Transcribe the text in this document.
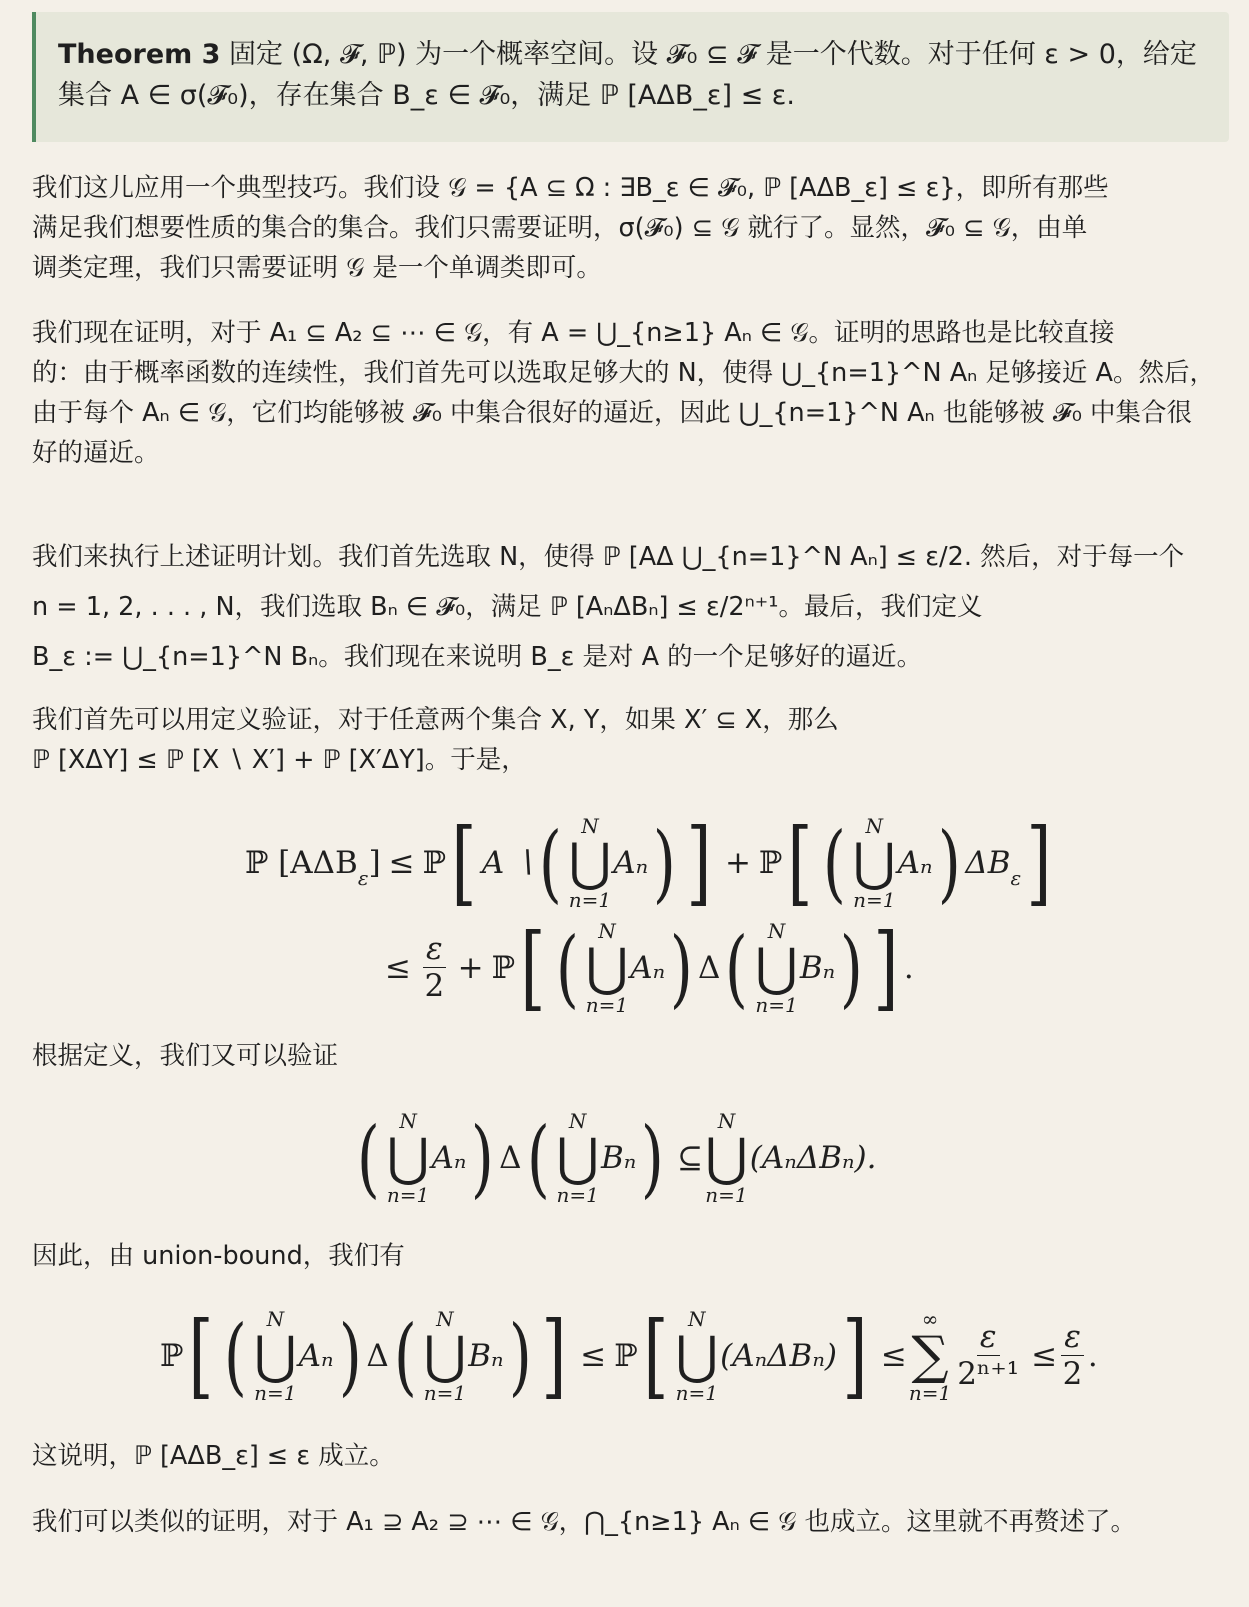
Theorem 3 固定 (Ω, 𝓕, ℙ) 为一个概率空间。设 𝓕₀ ⊆ 𝓕 是一个代数。对于任何 ε > 0，给定
集合 A ∈ σ(𝓕₀)，存在集合 B_ε ∈ 𝓕₀，满足 ℙ [AΔB_ε] ≤ ε.
我们这儿应用一个典型技巧。我们设 𝒢 = {A ⊆ Ω : ∃B_ε ∈ 𝓕₀, ℙ [AΔB_ε] ≤ ε}，即所有那些
满足我们想要性质的集合的集合。我们只需要证明，σ(𝓕₀) ⊆ 𝒢 就行了。显然，𝓕₀ ⊆ 𝒢，由单
调类定理，我们只需要证明 𝒢 是一个单调类即可。
我们现在证明，对于 A₁ ⊆ A₂ ⊆ ⋯ ∈ 𝒢，有 A = ⋃_{n≥1} Aₙ ∈ 𝒢。证明的思路也是比较直接
的：由于概率函数的连续性，我们首先可以选取足够大的 N，使得 ⋃_{n=1}^N Aₙ 足够接近 A。然后，
由于每个 Aₙ ∈ 𝒢，它们均能够被 𝓕₀ 中集合很好的逼近，因此 ⋃_{n=1}^N Aₙ 也能够被 𝓕₀ 中集合很
好的逼近。
我们来执行上述证明计划。我们首先选取 N，使得 ℙ [AΔ ⋃_{n=1}^N Aₙ] ≤ ε/2. 然后，对于每一个
n = 1, 2, . . . , N，我们选取 Bₙ ∈ 𝓕₀，满足 ℙ [AₙΔBₙ] ≤ ε/2ⁿ⁺¹。最后，我们定义
B_ε := ⋃_{n=1}^N Bₙ。我们现在来说明 B_ε 是对 A 的一个足够好的逼近。
我们首先可以用定义验证，对于任意两个集合 X, Y，如果 X′ ⊆ X，那么
ℙ [XΔY] ≤ ℙ [X ∖ X′] + ℙ [X′ΔY]。于是，
ℙ [AΔB ε ] ≤ ℙ [ A ∖ ( N
⋃
n=1
Aₙ ) ] + ℙ [ ( N
⋃
n=1
Aₙ ) ΔB ε ]
≤ $\frac{\varepsilon}{2}$ + ℙ [ ( N
⋃
n=1
Aₙ ) Δ ( N
⋃
n=1
Bₙ ) ] .
根据定义，我们又可以验证
( N
⋃
n=1
Aₙ ) Δ ( N
⋃
n=1
Bₙ ) ⊆
N
⋃
n=1
(AₙΔBₙ).
因此，由 union-bound，我们有
ℙ [ ( N
⋃
n=1
Aₙ ) Δ ( N
⋃
n=1
Bₙ ) ] ≤ ℙ [ N
⋃
n=1
(AₙΔBₙ) ] ≤
∞
∑
n=1
$\frac{\varepsilon}{\text{2ⁿ⁺¹}} \le \frac{\varepsilon}{2}$ .
这说明，ℙ [AΔB_ε] ≤ ε 成立。
我们可以类似的证明，对于 A₁ ⊇ A₂ ⊇ ⋯ ∈ 𝒢，⋂_{n≥1} Aₙ ∈ 𝒢 也成立。这里就不再赘述了。
